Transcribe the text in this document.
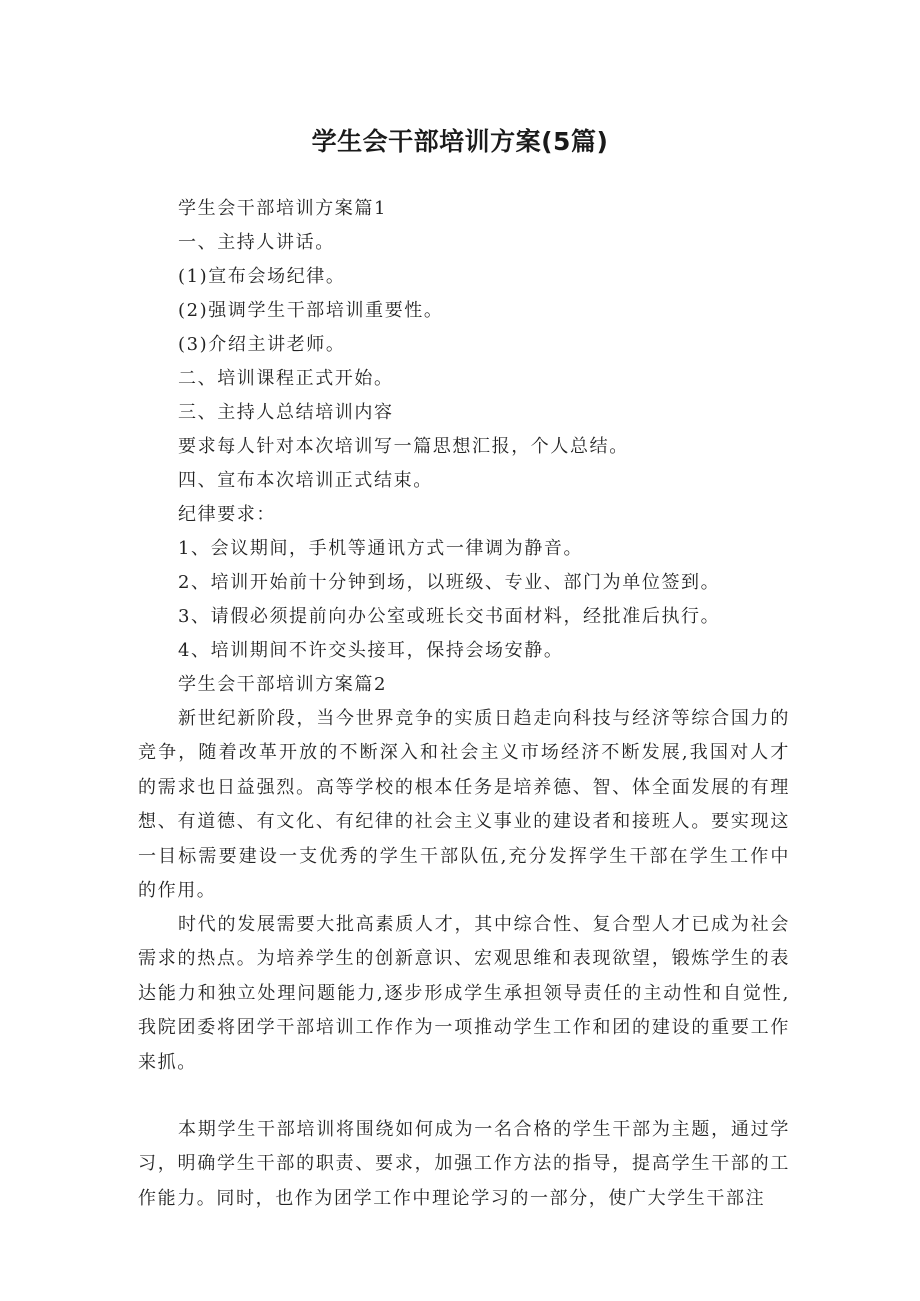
学生会干部培训方案(5篇)
学生会干部培训方案篇1
一、主持人讲话。
(1)宣布会场纪律。
(2)强调学生干部培训重要性。
(3)介绍主讲老师。
二、培训课程正式开始。
三、主持人总结培训内容
要求每人针对本次培训写一篇思想汇报，个人总结。
四、宣布本次培训正式结束。
纪律要求：
1、会议期间，手机等通讯方式一律调为静音。
2、培训开始前十分钟到场，以班级、专业、部门为单位签到。
3、请假必须提前向办公室或班长交书面材料，经批准后执行。
4、培训期间不许交头接耳，保持会场安静。
学生会干部培训方案篇2
新世纪新阶段，当今世界竞争的实质日趋走向科技与经济等综合国力的竞争，随着改革开放的不断深入和社会主义市场经济不断发展,我国对人才的需求也日益强烈。高等学校的根本任务是培养德、智、体全面发展的有理想、有道德、有文化、有纪律的社会主义事业的建设者和接班人。要实现这一目标需要建设一支优秀的学生干部队伍,充分发挥学生干部在学生工作中的作用。
时代的发展需要大批高素质人才，其中综合性、复合型人才已成为社会需求的热点。为培养学生的创新意识、宏观思维和表现欲望，锻炼学生的表达能力和独立处理问题能力,逐步形成学生承担领导责任的主动性和自觉性,我院团委将团学干部培训工作作为一项推动学生工作和团的建设的重要工作来抓。
本期学生干部培训将围绕如何成为一名合格的学生干部为主题，通过学习，明确学生干部的职责、要求，加强工作方法的指导，提高学生干部的工作能力。同时，也作为团学工作中理论学习的一部分，使广大学生干部注
